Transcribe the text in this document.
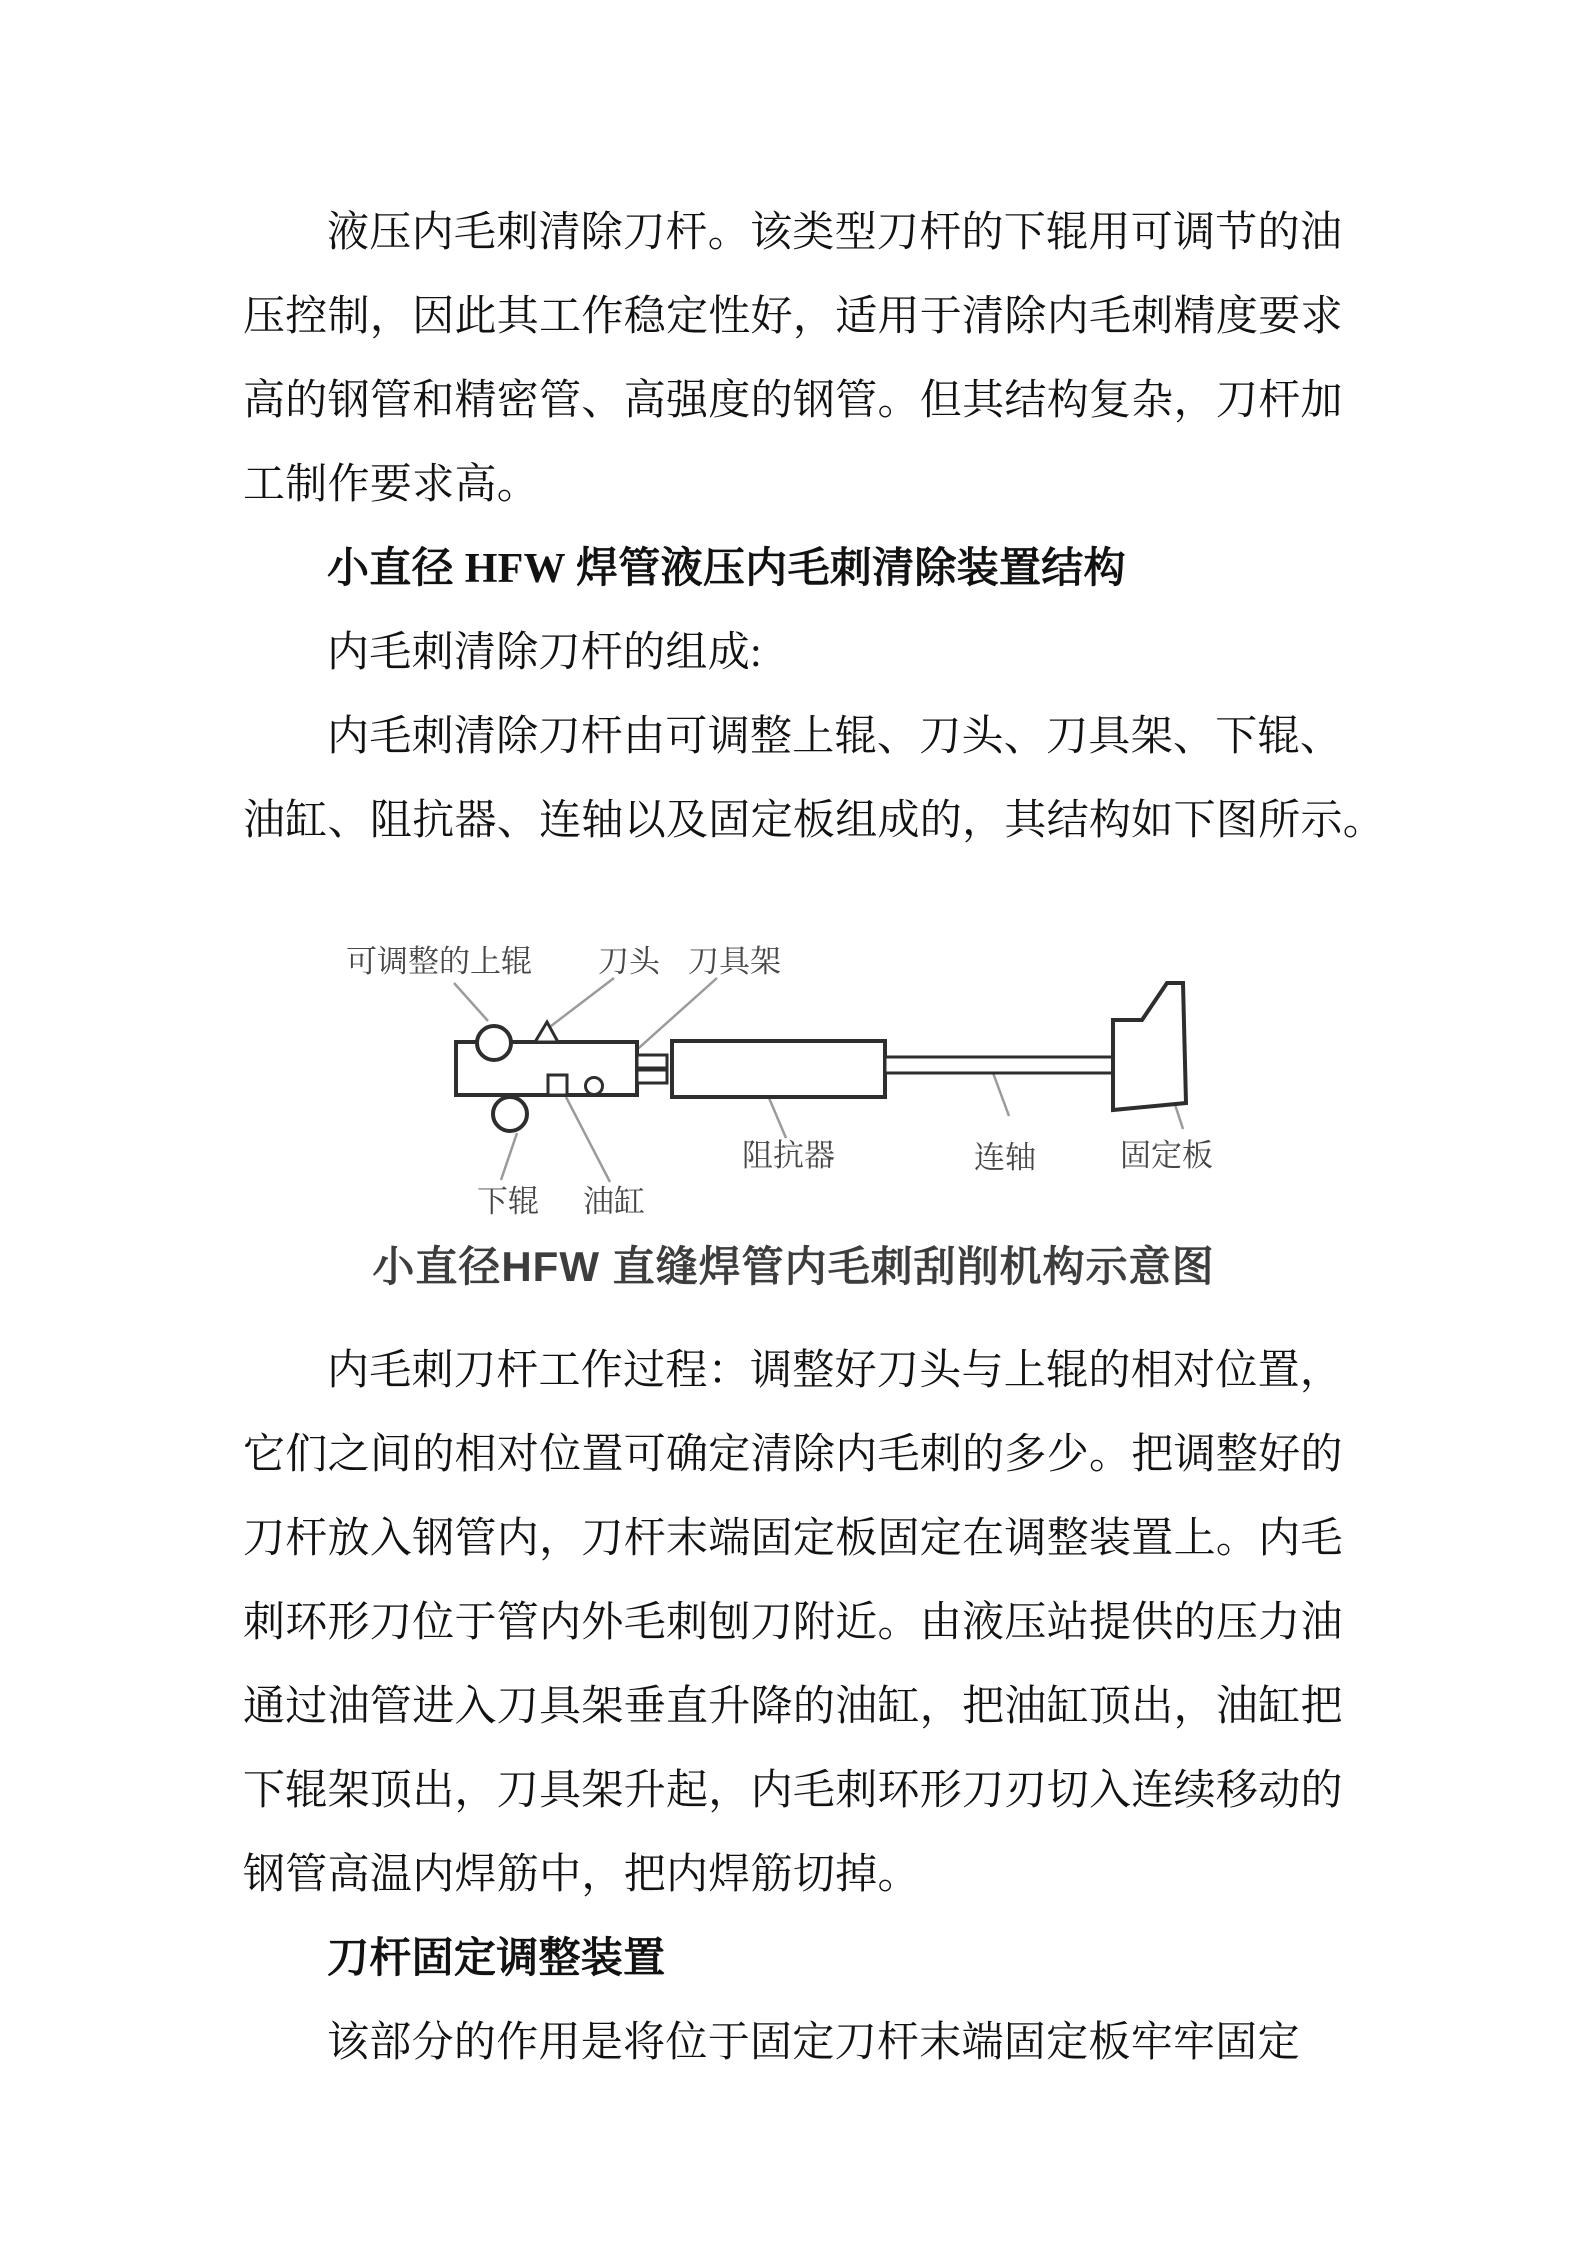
液压内毛刺清除刀杆。该类型刀杆的下辊用可调节的油
压控制，因此其工作稳定性好，适用于清除内毛刺精度要求
高的钢管和精密管、高强度的钢管。但其结构复杂，刀杆加
工制作要求高。
小直径 HFW 焊管液压内毛刺清除装置结构
内毛刺清除刀杆的组成:
内毛刺清除刀杆由可调整上辊、刀头、刀具架、下辊、
油缸、阻抗器、连轴以及固定板组成的，其结构如下图所示。
可调整的上辊 刀头 刀具架
下辊 油缸
阻抗器	连轴	固定板
小直径HFW 直缝焊管内毛刺刮削机构示意图
内毛刺刀杆工作过程：调整好刀头与上辊的相对位置，
它们之间的相对位置可确定清除内毛刺的多少。把调整好的
刀杆放入钢管内，刀杆末端固定板固定在调整装置上。内毛
刺环形刀位于管内外毛刺刨刀附近。由液压站提供的压力油
通过油管进入刀具架垂直升降的油缸，把油缸顶出，油缸把
下辊架顶出，刀具架升起，内毛刺环形刀刃切入连续移动的
钢管高温内焊筋中，把内焊筋切掉。
刀杆固定调整装置
该部分的作用是将位于固定刀杆末端固定板牢牢固定
